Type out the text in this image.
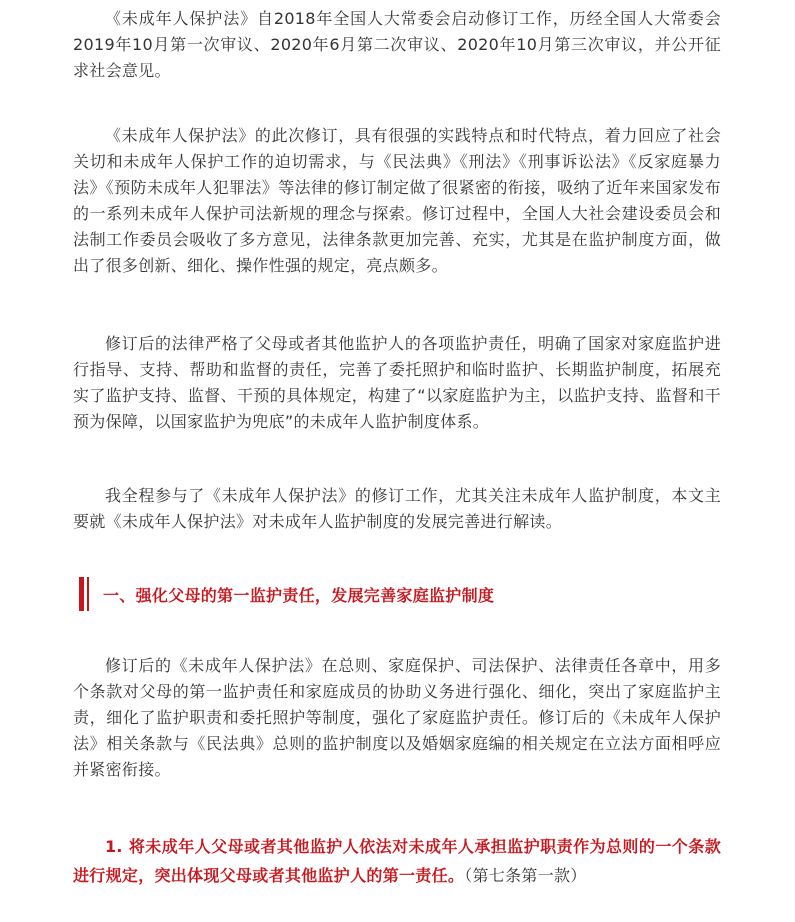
《未成年人保护法》自2018年全国人大常委会启动修订工作，历经全国人大常委会2019年10月第一次审议、2020年6月第二次审议、2020年10月第三次审议，并公开征求社会意见。

《未成年人保护法》的此次修订，具有很强的实践特点和时代特点，着力回应了社会关切和未成年人保护工作的迫切需求，与《民法典》《刑法》《刑事诉讼法》《反家庭暴力法》《预防未成年人犯罪法》等法律的修订制定做了很紧密的衔接，吸纳了近年来国家发布的一系列未成年人保护司法新规的理念与探索。修订过程中，全国人大社会建设委员会和法制工作委员会吸收了多方意见，法律条款更加完善、充实，尤其是在监护制度方面，做出了很多创新、细化、操作性强的规定，亮点颇多。

修订后的法律严格了父母或者其他监护人的各项监护责任，明确了国家对家庭监护进行指导、支持、帮助和监督的责任，完善了委托照护和临时监护、长期监护制度，拓展充实了监护支持、监督、干预的具体规定，构建了“以家庭监护为主，以监护支持、监督和干预为保障，以国家监护为兜底”的未成年人监护制度体系。

我全程参与了《未成年人保护法》的修订工作，尤其关注未成年人监护制度，本文主要就《未成年人保护法》对未成年人监护制度的发展完善进行解读。

一、强化父母的第一监护责任，发展完善家庭监护制度

修订后的《未成年人保护法》在总则、家庭保护、司法保护、法律责任各章中，用多个条款对父母的第一监护责任和家庭成员的协助义务进行强化、细化，突出了家庭监护主责，细化了监护职责和委托照护等制度，强化了家庭监护责任。修订后的《未成年人保护法》相关条款与《民法典》总则的监护制度以及婚姻家庭编的相关规定在立法方面相呼应并紧密衔接。

1. 将未成年人父母或者其他监护人依法对未成年人承担监护职责作为总则的一个条款进行规定，突出体现父母或者其他监护人的第一责任。（第七条第一款）
